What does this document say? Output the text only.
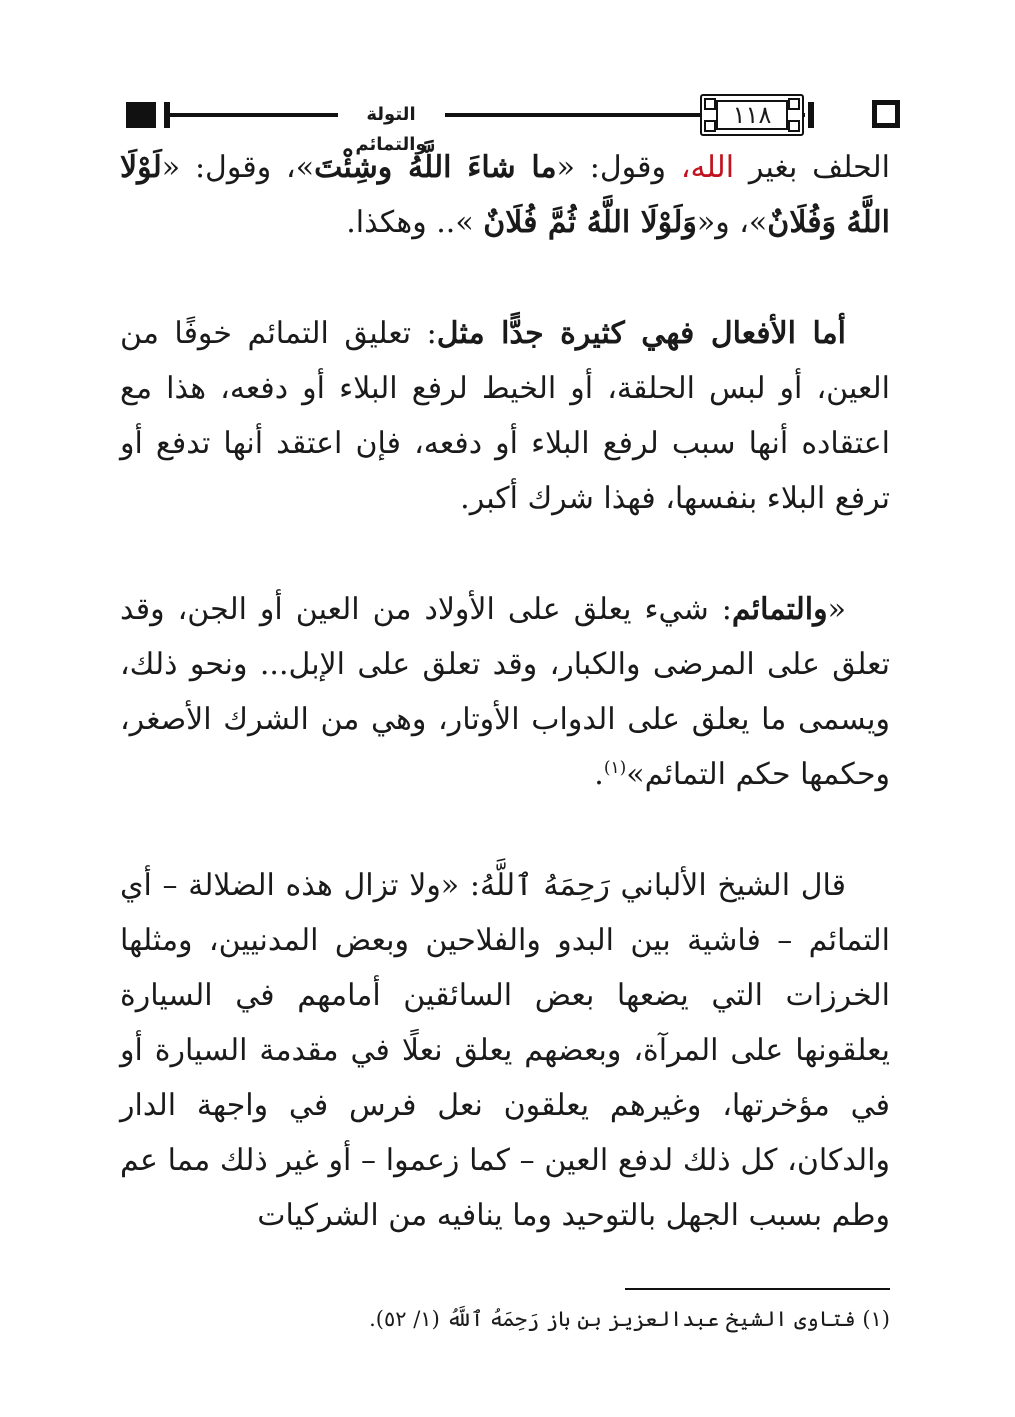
التولة والتمائم
١١٨

الحلف بغير الله، وقول: «ما شاءَ اللَّهُ وشِئْتَ»، وقول: «لَوْلَا اللَّهُ وَفُلَانٌ»، و«وَلَوْلَا اللَّهُ ثُمَّ فُلَانٌ ».. وهكذا.

أما الأفعال فهي كثيرة جدًّا مثل: تعليق التمائم خوفًا من العين، أو لبس الحلقة، أو الخيط لرفع البلاء أو دفعه، هذا مع اعتقاده أنها سبب لرفع البلاء أو دفعه، فإن اعتقد أنها تدفع أو ترفع البلاء بنفسها، فهذا شرك أكبر.

«والتمائم: شيء يعلق على الأولاد من العين أو الجن، وقد تعلق على المرضى والكبار، وقد تعلق على الإبل... ونحو ذلك، ويسمى ما يعلق على الدواب الأوتار، وهي من الشرك الأصغر، وحكمها حكم التمائم»$^{(١)}$.

قال الشيخ الألباني رَحِمَهُ ٱللَّهُ: «ولا تزال هذه الضلالة – أي التمائم – فاشية بين البدو والفلاحين وبعض المدنيين، ومثلها الخرزات التي يضعها بعض السائقين أمامهم في السيارة يعلقونها على المرآة، وبعضهم يعلق نعلًا في مقدمة السيارة أو في مؤخرتها، وغيرهم يعلقون نعل فرس في واجهة الدار والدكان، كل ذلك لدفع العين – كما زعموا – أو غير ذلك مما عم وطم بسبب الجهل بالتوحيد وما ينافيه من الشركيات

(١) فتاوى الشيخ عبدالعزيز بن باز رَحِمَهُ ٱللَّهُ (١/ ٥٢).
